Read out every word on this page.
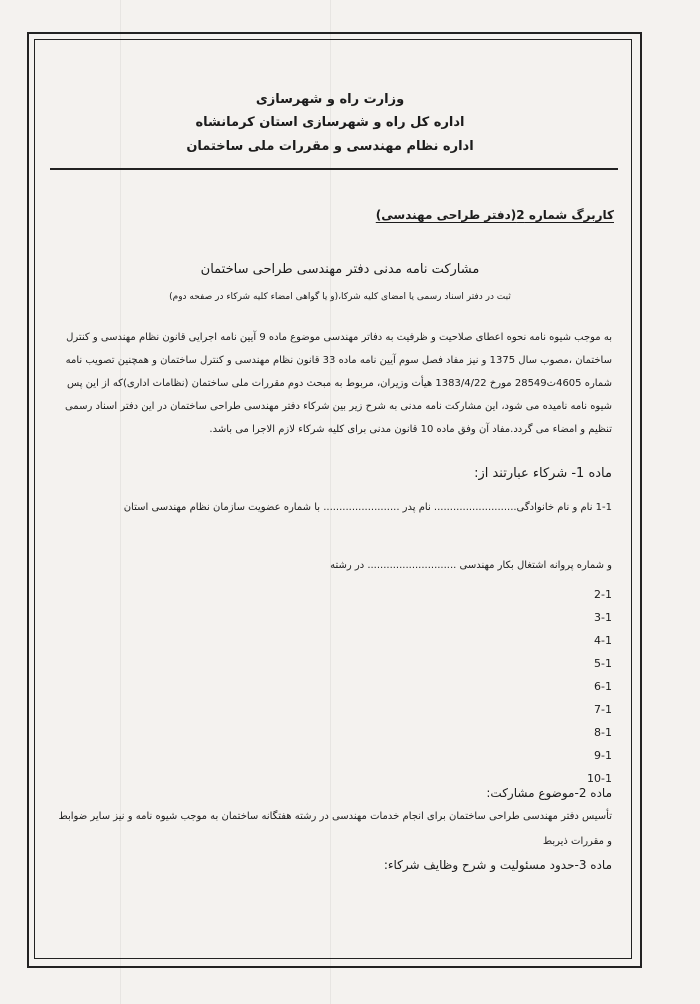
وزارت راه و شهرسازی
اداره کل راه و شهرسازی استان کرمانشاه
اداره نظام مهندسی و مقررات ملی ساختمان
کاربرگ شماره 2(دفتر طراحی مهندسی)
مشارکت نامه مدنی دفتر مهندسی طراحی ساختمان
ثبت در دفتر اسناد رسمی یا امضای کلیه شرکا،(و یا گواهی امضاء کلیه شرکاء در صفحه دوم)
به موجب شیوه نامه نحوه اعطای صلاحیت و ظرفیت به دفاتر مهندسی موضوع ماده 9 آیین نامه اجرایی قانون نظام مهندسی و کنترل
ساختمان ،مصوب سال 1375 و نیز مفاد فصل سوم آیین نامه ماده 33 قانون نظام مهندسی و کنترل ساختمان و همچنین تصویب نامه
شماره 4605ت28549 مورخ 1383/4/22 هیأت وزیران، مربوط به مبحث دوم مقررات ملی ساختمان (نظامات اداری)که از این پس
شیوه نامه نامیده می شود، این مشارکت نامه مدنی به شرح زیر بین شرکاء دفتر مهندسی طراحی ساختمان در این دفتر اسناد رسمی
تنظیم و امضاء می گردد.مفاد آن وفق ماده 10 قانون مدنی برای کلیه شرکاء لازم الاجرا می باشد.
ماده 1- شرکاء عبارتند از:
1-1 نام و نام خانوادگی.......................... نام پدر ........................ با شماره عضویت سازمان نظام مهندسی استان
و شماره پروانه اشتغال بکار مهندسی ............................ در رشته
2-1
3-1
4-1
5-1
6-1
7-1
8-1
9-1
10-1
ماده 2-موضوع مشارکت:
تأسیس دفتر مهندسی طراحی ساختمان برای انجام خدمات مهندسی در رشته هفتگانه ساختمان به موجب شیوه نامه و نیز سایر ضوابط
و مقررات ذیربط
ماده 3-حدود مسئولیت و شرح وظایف شرکاء:
